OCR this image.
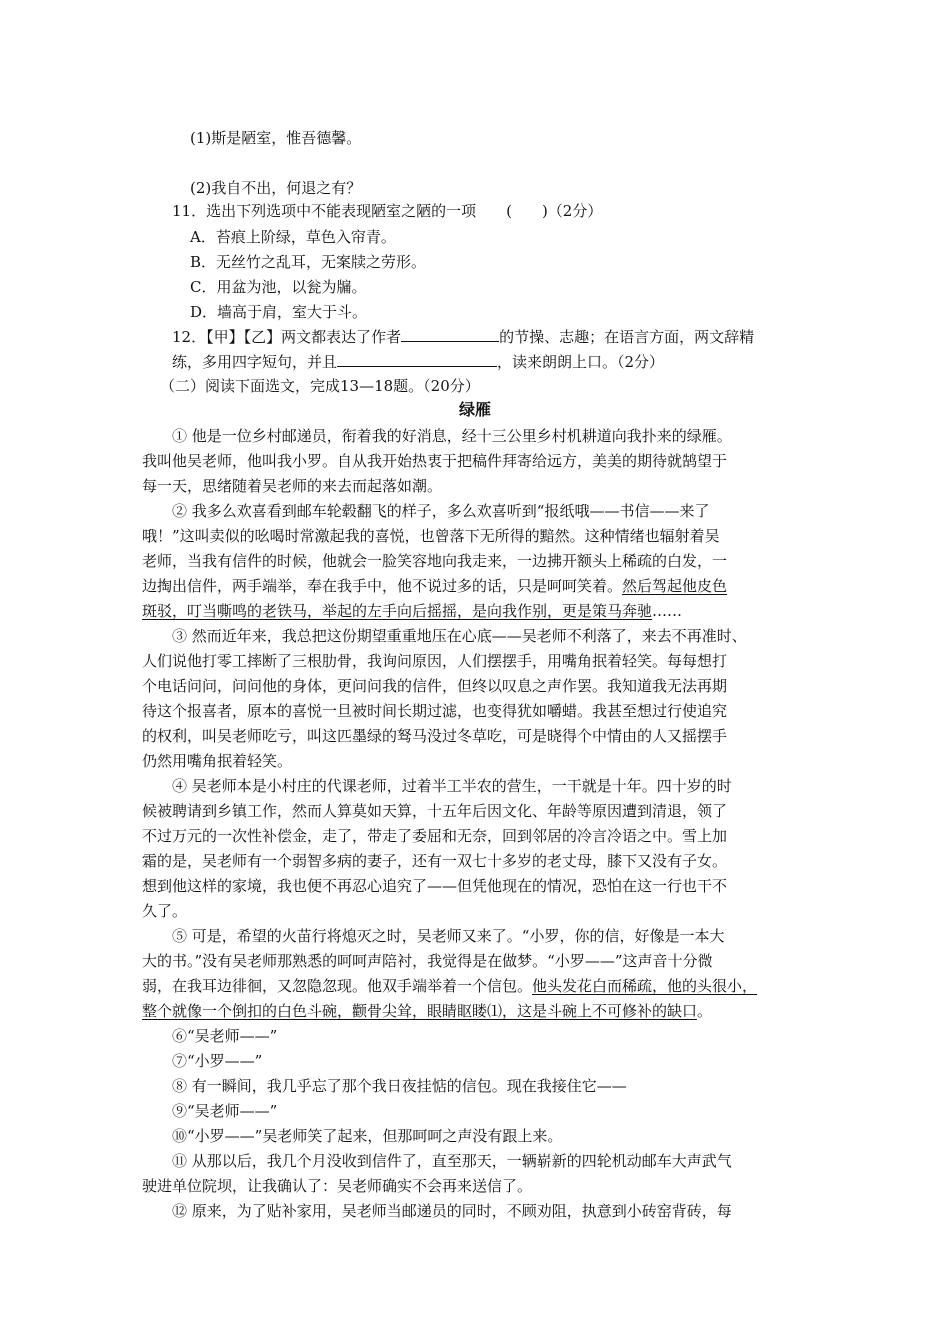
(1)斯是陋室，惟吾德馨。
(2)我自不出，何退之有？
11．选出下列选项中不能表现陋室之陋的一项　　(　　)（2分）
A．苔痕上阶绿，草色入帘青。
B．无丝竹之乱耳，无案牍之劳形。
C．用盆为池，以瓮为牖。
D．墙高于肩，室大于斗。
12．【甲】【乙】两文都表达了作者	的节操、志趣；在语言方面，两文辞精
练，多用四字短句，并且	，读来朗朗上口。（2分）
（二）阅读下面选文，完成13—18题。（20分）
绿雁
① 他是一位乡村邮递员，衔着我的好消息，经十三公里乡村机耕道向我扑来的绿雁。
我叫他吴老师，他叫我小罗。自从我开始热衷于把稿件拜寄给远方，美美的期待就鹄望于
每一天，思绪随着吴老师的来去而起落如潮。
② 我多么欢喜看到邮车轮毂翻飞的样子，多么欢喜听到“报纸哦——书信——来了
哦！”这叫卖似的吆喝时常激起我的喜悦，也曾落下无所得的黯然。这种情绪也辐射着吴
老师，当我有信件的时候，他就会一脸笑容地向我走来，一边拂开额头上稀疏的白发，一
边掏出信件，两手端举，奉在我手中，他不说过多的话，只是呵呵笑着。然后驾起他皮色
斑驳，叮当嘶鸣的老铁马，举起的左手向后摇摇，是向我作别，更是策马奔驰……
③ 然而近年来，我总把这份期望重重地压在心底——吴老师不利落了，来去不再准时、
人们说他打零工摔断了三根肋骨，我询问原因，人们摆摆手，用嘴角抿着轻笑。每每想打
个电话问问，问问他的身体，更问问我的信件，但终以叹息之声作罢。我知道我无法再期
待这个报喜者，原本的喜悦一旦被时间长期过滤，也变得犹如嚼蜡。我甚至想过行使追究
的权利，叫吴老师吃亏，叫这匹墨绿的驽马没过冬草吃，可是晓得个中情由的人又摇摆手
仍然用嘴角抿着轻笑。
④ 吴老师本是小村庄的代课老师，过着半工半农的营生，一干就是十年。四十岁的时
候被聘请到乡镇工作，然而人算莫如天算，十五年后因文化、年龄等原因遭到清退，领了
不过万元的一次性补偿金，走了，带走了委屈和无奈，回到邻居的冷言冷语之中。雪上加
霜的是，吴老师有一个弱智多病的妻子，还有一双七十多岁的老丈母，膝下又没有子女。
想到他这样的家境，我也便不再忍心追究了——但凭他现在的情况，恐怕在这一行也干不
久了。
⑤ 可是，希望的火苗行将熄灭之时，吴老师又来了。“小罗，你的信，好像是一本大
大的书。”没有吴老师那熟悉的呵呵声陪衬，我觉得是在做梦。“小罗——”这声音十分微
弱，在我耳边徘徊，又忽隐忽现。他双手端举着一个信包。他头发花白而稀疏，他的头很小，
整个就像一个倒扣的白色斗碗，颧骨尖耸，眼睛眍䁖⑴，这是斗碗上不可修补的缺口。
⑥“吴老师——”
⑦“小罗——”
⑧ 有一瞬间，我几乎忘了那个我日夜挂惦的信包。现在我接住它——
⑨“吴老师——”
⑩“小罗——”吴老师笑了起来，但那呵呵之声没有跟上来。
⑪ 从那以后，我几个月没收到信件了，直至那天，一辆崭新的四轮机动邮车大声武气
驶进单位院坝，让我确认了：吴老师确实不会再来送信了。
⑫ 原来，为了贴补家用，吴老师当邮递员的同时，不顾劝阻，执意到小砖窑背砖，每
